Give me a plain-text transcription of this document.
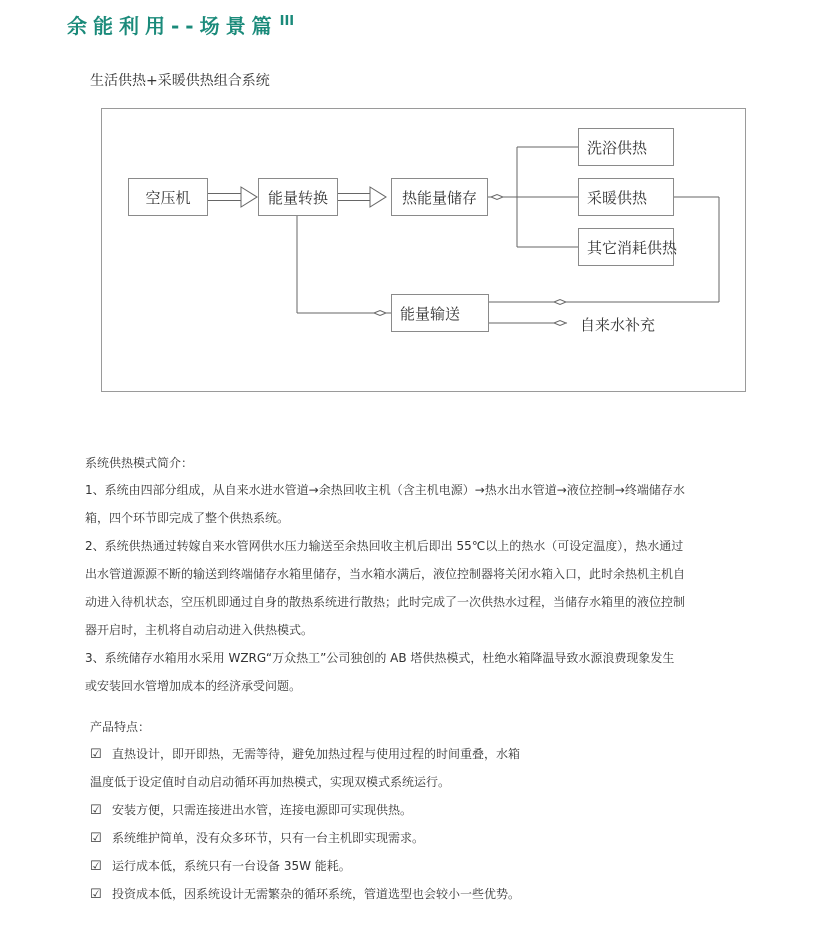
余能利用--场景篇 $^{III}$
生活供热+采暖供热组合系统
空压机	能量转换	热能量储存
洗浴供热
采暖供热
其它消耗供热
能量输送
自来水补充
系统供热模式简介：
1、系统由四部分组成，从自来水进水管道→余热回收主机（含主机电源）→热水出水管道→液位控制→终端储存水
箱，四个环节即完成了整个供热系统。
2、系统供热通过转嫁自来水管网供水压力输送至余热回收主机后即出 55℃以上的热水（可设定温度），热水通过
出水管道源源不断的输送到终端储存水箱里储存，当水箱水满后，液位控制器将关闭水箱入口，此时余热机主机自
动进入待机状态，空压机即通过自身的散热系统进行散热；此时完成了一次供热水过程，当储存水箱里的液位控制
器开启时，主机将自动启动进入供热模式。
3、系统储存水箱用水采用 WZRG“万众热工”公司独创的 AB 塔供热模式，杜绝水箱降温导致水源浪费现象发生
或安装回水管增加成本的经济承受问题。
产品特点：
☑ 直热设计，即开即热，无需等待，避免加热过程与使用过程的时间重叠，水箱
温度低于设定值时自动启动循环再加热模式，实现双模式系统运行。
☑ 安装方便，只需连接进出水管，连接电源即可实现供热。
☑ 系统维护简单，没有众多环节，只有一台主机即实现需求。
☑ 运行成本低，系统只有一台设备 35W 能耗。
☑ 投资成本低，因系统设计无需繁杂的循环系统，管道选型也会较小一些优势。
